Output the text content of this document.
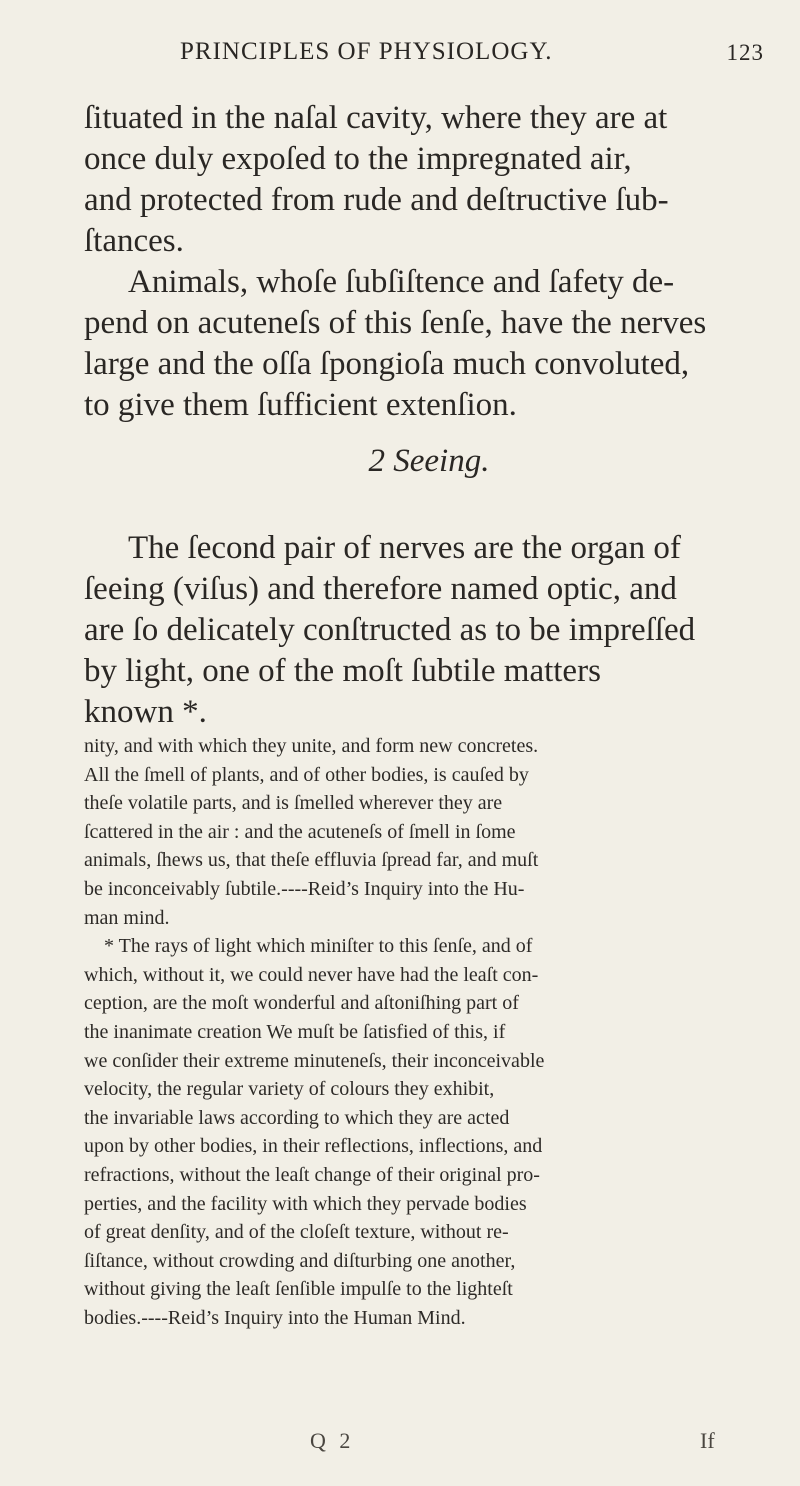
PRINCIPLES OF PHYSIOLOGY.	123

ſituated in the naſal cavity, where they are at
once duly expoſed to the impregnated air,
and protected from rude and deſtructive ſub-
ſtances.

Animals, whoſe ſubſiſtence and ſafety de-
pend on acuteneſs of this ſenſe, have the nerves
large and the oſſa ſpongioſa much convoluted,
to give them ſufficient extenſion.

2 Seeing.
The ſecond pair of nerves are the organ of
ſeeing (viſus) and therefore named optic, and
are ſo delicately conſtructed as to be impreſſed
by light, one of the moſt ſubtile matters
known *.
nity, and with which they unite, and form new concretes.
All the ſmell of plants, and of other bodies, is cauſed by
theſe volatile parts, and is ſmelled wherever they are
ſcattered in the air : and the acuteneſs of ſmell in ſome
animals, ſhews us, that theſe effluvia ſpread far, and muſt
be inconceivably ſubtile.----Reid’s Inquiry into the Hu-
man mind.
* The rays of light which miniſter to this ſenſe, and of
which, without it, we could never have had the leaſt con-
ception, are the moſt wonderful and aſtoniſhing part of
the inanimate creation We muſt be ſatisfied of this, if
we conſider their extreme minuteneſs, their inconceivable
velocity, the regular variety of colours they exhibit,
the invariable laws according to which they are acted
upon by other bodies, in their reflections, inflections, and
refractions, without the leaſt change of their original pro-
perties, and the facility with which they pervade bodies
of great denſity, and of the cloſeſt texture, without re-
ſiſtance, without crowding and diſturbing one another,
without giving the leaſt ſenſible impulſe to the lighteſt
bodies.----Reid’s Inquiry into the Human Mind.
Q 2	If
